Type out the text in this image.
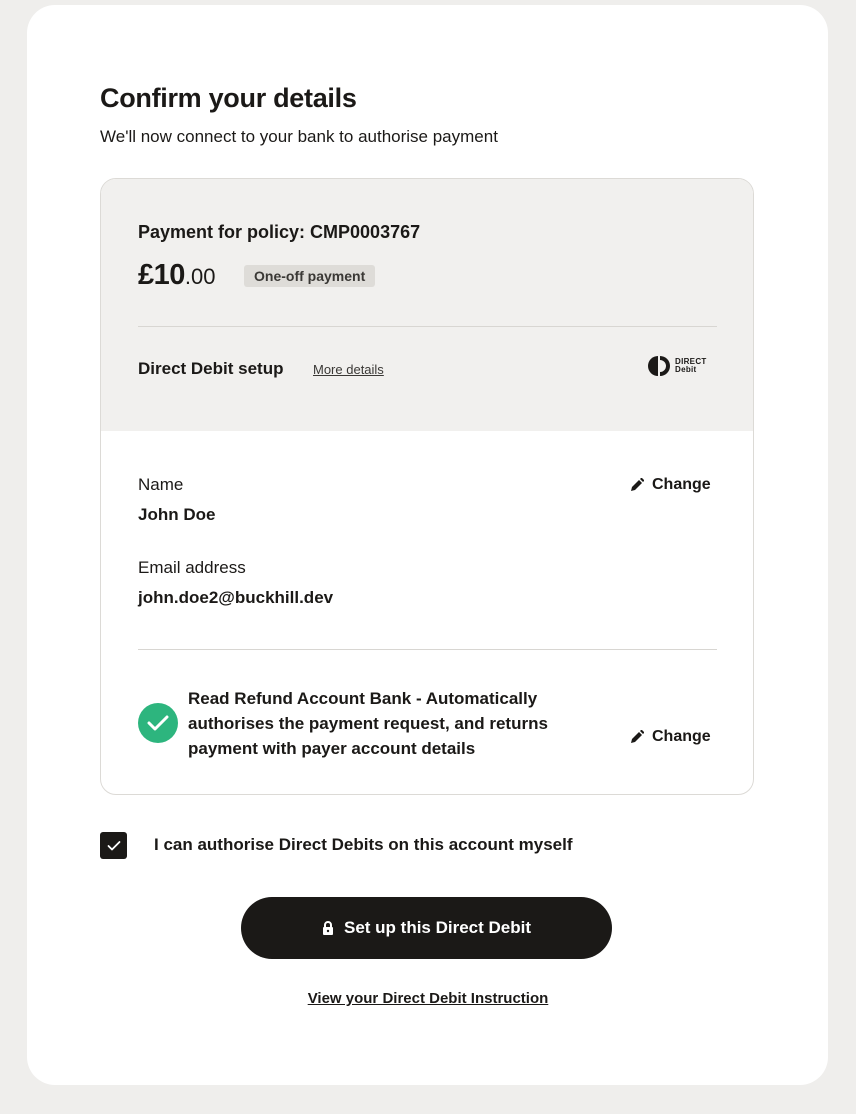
Confirm your details

We'll now connect to your bank to authorise payment

Payment for policy: CMP0003767
£10 .00	One-off payment
Direct Debit setup More details
DIRECT
Debit
Name
John Doe
Change
Email address
john.doe2@buckhill.dev
Read Refund Account Bank - Automatically authorises the payment request, and returns payment with payer account details
Change
I can authorise Direct Debits on this account myself
Set up this Direct Debit
View your Direct Debit Instruction
